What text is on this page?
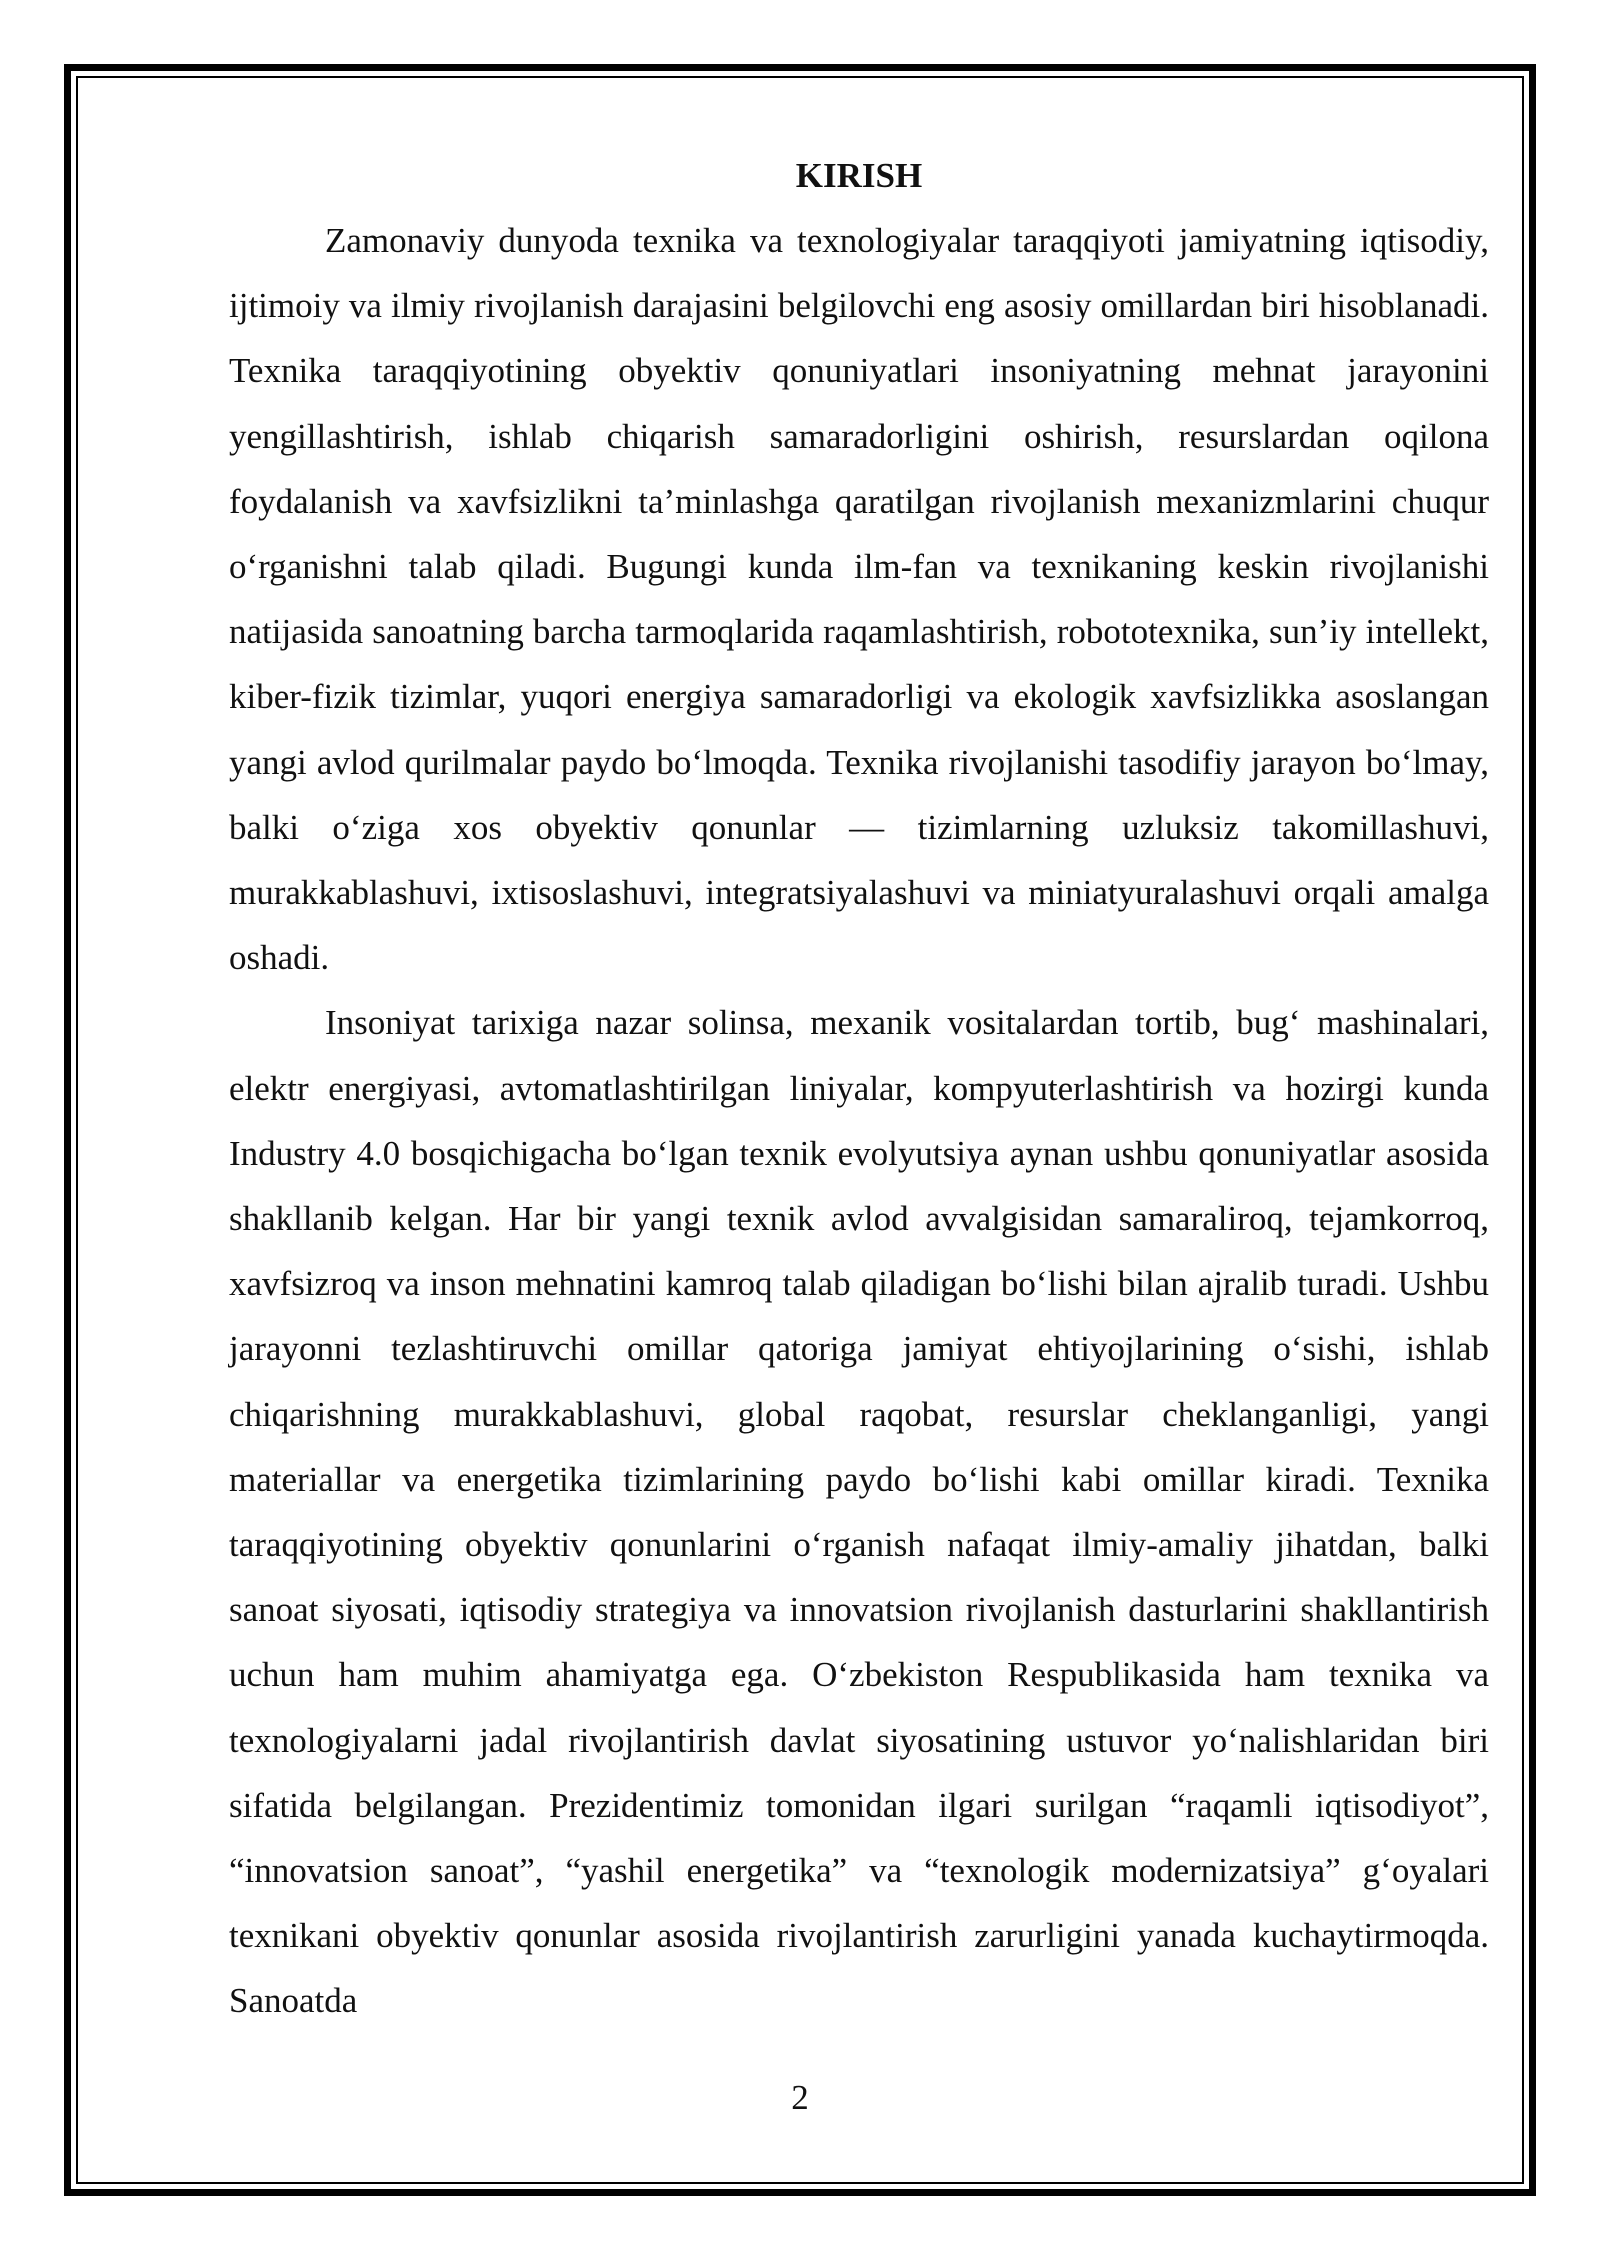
KIRISH

Zamonaviy dunyoda texnika va texnologiyalar taraqqiyoti jamiyatning iqtisodiy, ijtimoiy va ilmiy rivojlanish darajasini belgilovchi eng asosiy omillardan biri hisoblanadi. Texnika taraqqiyotining obyektiv qonuniyatlari insoniyatning mehnat jarayonini yengillashtirish, ishlab chiqarish samaradorligini oshirish, resurslardan oqilona foydalanish va xavfsizlikni ta’minlashga qaratilgan rivojlanish mexanizmlarini chuqur o‘rganishni talab qiladi. Bugungi kunda ilm-fan va texnikaning keskin rivojlanishi natijasida sanoatning barcha tarmoqlarida raqamlashtirish, robototexnika, sun’iy intellekt, kiber-fizik tizimlar, yuqori energiya samaradorligi va ekologik xavfsizlikka asoslangan yangi avlod qurilmalar paydo bo‘lmoqda. Texnika rivojlanishi tasodifiy jarayon bo‘lmay, balki o‘ziga xos obyektiv qonunlar — tizimlarning uzluksiz takomillashuvi, murakkablashuvi, ixtisoslashuvi, integratsiyalashuvi va miniatyuralashuvi orqali amalga oshadi.

Insoniyat tarixiga nazar solinsa, mexanik vositalardan tortib, bug‘ mashinalari, elektr energiyasi, avtomatlashtirilgan liniyalar, kompyuterlashtirish va hozirgi kunda Industry 4.0 bosqichigacha bo‘lgan texnik evolyutsiya aynan ushbu qonuniyatlar asosida shakllanib kelgan. Har bir yangi texnik avlod avvalgisidan samaraliroq, tejamkorroq, xavfsizroq va inson mehnatini kamroq talab qiladigan bo‘lishi bilan ajralib turadi. Ushbu jarayonni tezlashtiruvchi omillar qatoriga jamiyat ehtiyojlarining o‘sishi, ishlab chiqarishning murakkablashuvi, global raqobat, resurslar cheklanganligi, yangi materiallar va energetika tizimlarining paydo bo‘lishi kabi omillar kiradi. Texnika taraqqiyotining obyektiv qonunlarini o‘rganish nafaqat ilmiy-amaliy jihatdan, balki sanoat siyosati, iqtisodiy strategiya va innovatsion rivojlanish dasturlarini shakllantirish uchun ham muhim ahamiyatga ega. O‘zbekiston Respublikasida ham texnika va texnologiyalarni jadal rivojlantirish davlat siyosatining ustuvor yo‘nalishlaridan biri sifatida belgilangan. Prezidentimiz tomonidan ilgari surilgan “raqamli iqtisodiyot”, “innovatsion sanoat”, “yashil energetika” va “texnologik modernizatsiya” g‘oyalari texnikani obyektiv qonunlar asosida rivojlantirish zarurligini yanada kuchaytirmoqda. Sanoatda

2
